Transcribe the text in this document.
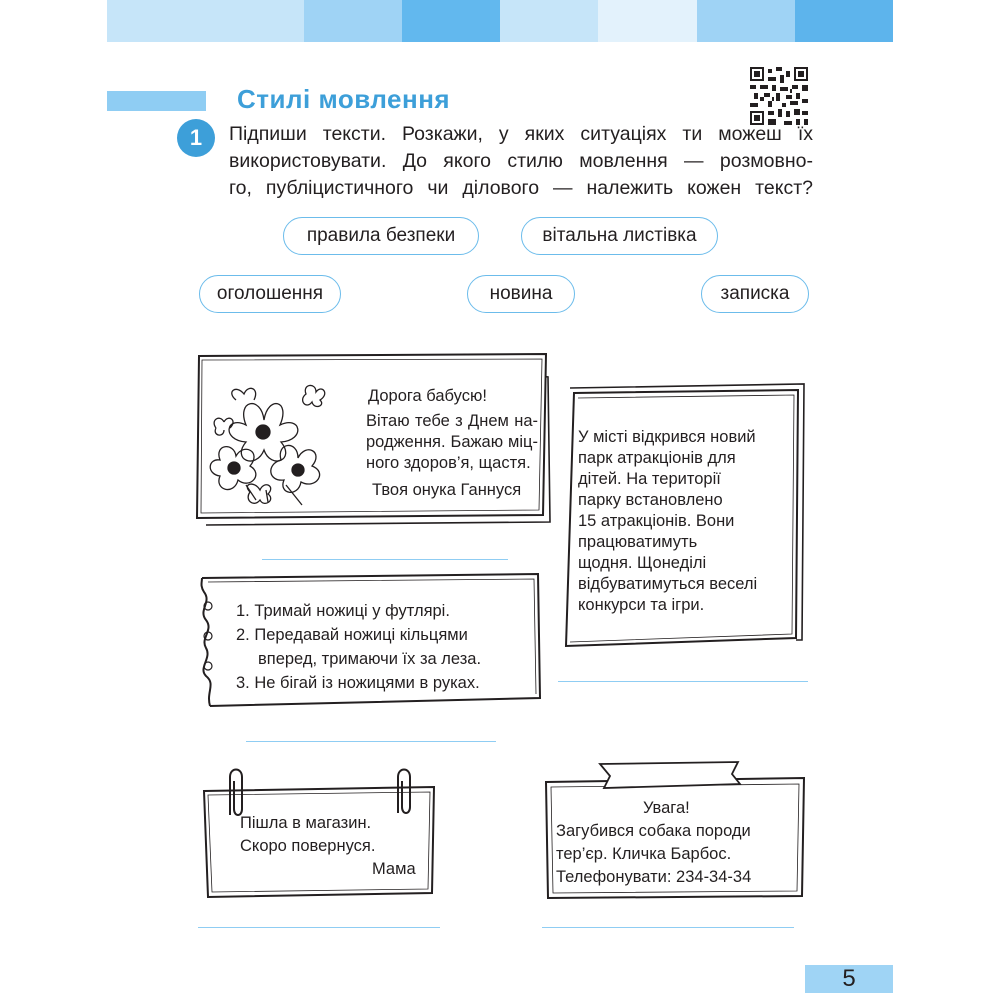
Стилі мовлення
1	Підпиши тексти. Розкажи, у яких ситуаціях ти можеш їх

використовувати. До якого стилю мовлення — розмовно-

го, публіцистичного чи ділового — належить кожен текст?

правила безпеки	вітальна листівка
оголошення	новина	записка
Дорога бабусю!
Вітаю тебе з Днем на-
родження. Бажаю міц-
ного здоров’я, щастя.
Твоя онука Ганнуся
У місті відкрився новий
парк атракціонів для
дітей. На території
парку встановлено
15 атракціонів. Вони
працюватимуть
щодня. Щонеділі
відбуватимуться веселі
конкурси та ігри.
1. Тримай ножиці у футлярі.
2. Передавай ножиці кільцями
вперед, тримаючи їх за леза.
3. Не бігай із ножицями в руках.
Пішла в магазин.
Скоро повернуся.
Мама
Увага!
Загубився собака породи
тер’єр. Кличка Барбос.
Телефонувати: 234-34-34
5
